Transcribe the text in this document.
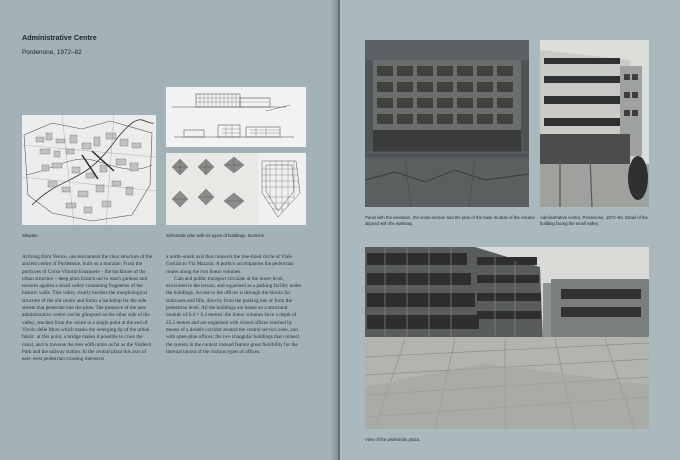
Administrative Centre
Pordenone, 1972–82
Siteplan.	Schematic plan with six types of buildings. Sections.

Arriving from Venice, one encounters the clear structure of the ancient centre of Pordenone, built on a moraine. From the porticoes of Corso Vittorio Emanuele – the backbone of the urban structure – deep plots branch out to reach gardens and terraces against a small valley containing fragments of the historic walls. This valley clearly borders the morphological structure of the old centre and forms a backdrop for the side streets that penetrate into the plots. The presence of the new administrative centre can be glimpsed on the other side of the valley, reached from the centre at a single point at the end of Vicolo delle Mura which marks the emerging tip of the urban fabric: at this point, a bridge makes it possible to cross the canal, and to traverse the new edification as far as the Valdevit Park and the railway station. In the central plaza this axis of east–west pedestrian crossing intersects

a north–south axis that connects the tree-lined circle of Viale Gorizia to Via Mazzini. A portico accompanies the pedestrian routes along the two linear volumes.

Cars and public transport circulate at the lower level, excavated in the terrain, and organised as a parking facility under the buildings. Access to the offices is through the blocks for staircases and lifts, directly from the parking lots or from the pedestrian level. All the buildings are based on a structural module of 6.4 × 6.4 metres: the linear volumes have a depth of 25.2 metres and are organised with closed offices reached by means of a double corridor around the central service zone, and with open-plan offices; the two triangular buildings that connect the system in the context instead feature great flexibility for the internal layout of the various types of offices.

Panel with the elevation, the cross-section and the plan of the base module of the volume aligned with the walkway.
Administrative centre, Pordenone, 1972–82. Detail of the building facing the small valley.
View of the pedestrian plaza.
